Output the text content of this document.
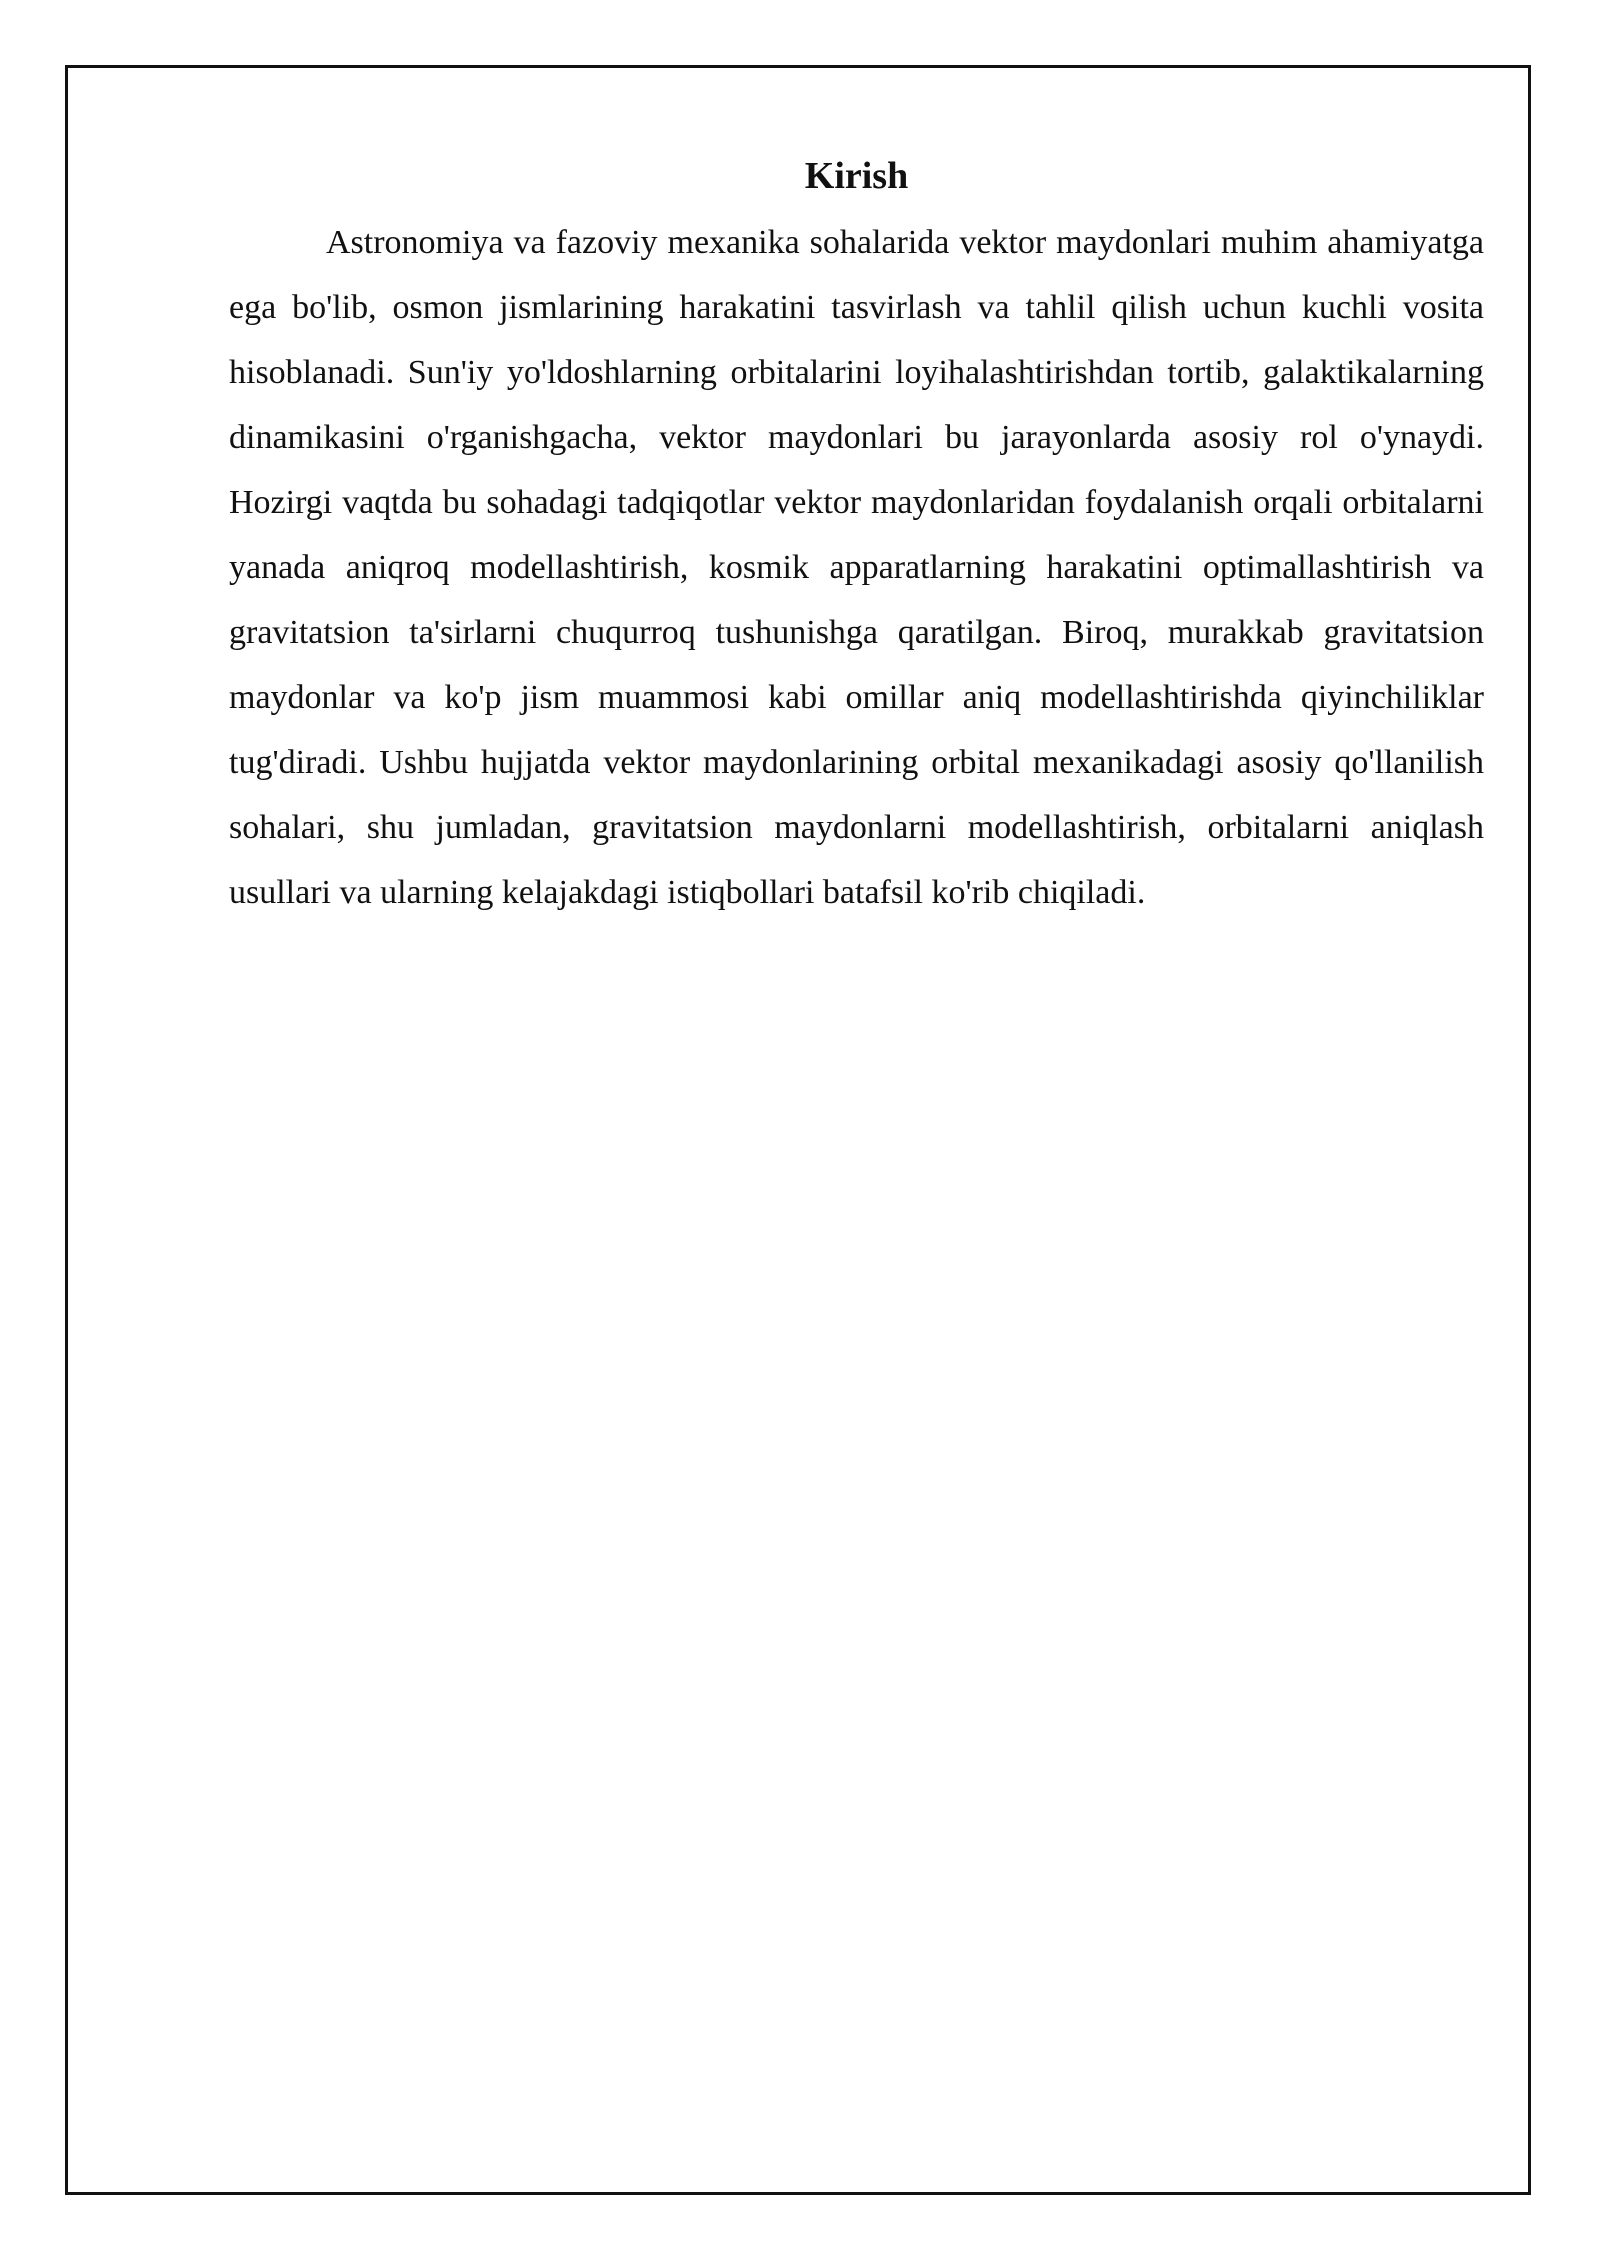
Kirish

Astronomiya va fazoviy mexanika sohalarida vektor maydonlari muhim ahamiyatga ega bo'lib, osmon jismlarining harakatini tasvirlash va tahlil qilish uchun kuchli vosita hisoblanadi. Sun'iy yo'ldoshlarning orbitalarini loyihalashtirishdan tortib, galaktikalarning dinamikasini o'rganishgacha, vektor maydonlari bu jarayonlarda asosiy rol o'ynaydi. Hozirgi vaqtda bu sohadagi tadqiqotlar vektor maydonlaridan foydalanish orqali orbitalarni yanada aniqroq modellashtirish, kosmik apparatlarning harakatini optimallashtirish va gravitatsion ta'sirlarni chuqurroq tushunishga qaratilgan. Biroq, murakkab gravitatsion maydonlar va ko'p jism muammosi kabi omillar aniq modellashtirishda qiyinchiliklar tug'diradi. Ushbu hujjatda vektor maydonlarining orbital mexanikadagi asosiy qo'llanilish sohalari, shu jumladan, gravitatsion maydonlarni modellashtirish, orbitalarni aniqlash usullari va ularning kelajakdagi istiqbollari batafsil ko'rib chiqiladi.
